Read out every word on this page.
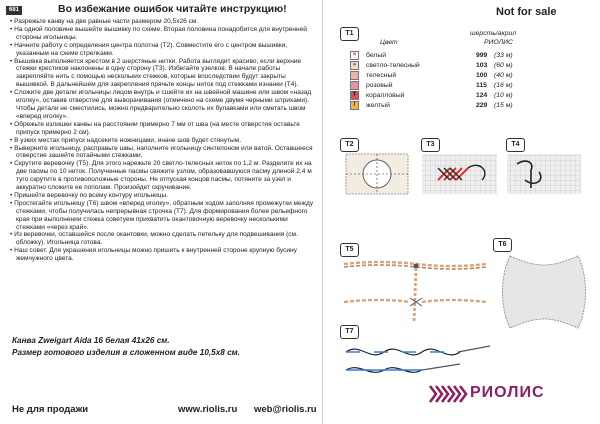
681	Во избежание ошибок читайте инструкцию!
• Разрежьте канву на две равные части размером 20,5х26 см.
• На одной половине вышейте вышивку по схеме. Вторая половина понадобится для внутренней стороны игольницы.
• Начните работу с определения центра полотна (Т2). Совместите его с центром вышивки, указанным на схеме стрелками.
• Вышивка выполняется крестом в 2 шерстяные нитки. Работа выглядит красиво, если верхние стежки крестиков наклонены в одну сторону (Т3). Избегайте узелков. В начале работы закрепляйте нить с помощью нескольких стежков, которые впоследствии будут закрыты вышивкой. В дальнейшем для закрепления прячьте концы ниток под стежками изнанки (Т4).
• Сложите две детали игольницы лицом внутрь и сшейте их на швейной машине или швом «назад иголку», оставив отверстие для выворачивания (отмечено на схеме двумя черными штрихами). Чтобы детали не сместились, можно предварительно сколоть их булавками или сметать швом «вперед иголку».
• Обрежьте излишки канвы на расстоянии примерно 7 мм от шва (на месте отверстия оставьте припуск примерно 2 см).
• В узких местах припуск надсеките ножницами, иначе шов будет стянутым.
• Выверните игольницу, расправьте швы, наполните игольницу синтепоном или ватой. Оставшееся отверстие зашейте потайными стежками.
• Скрутите веревочку (Т5). Для этого нарежьте 20 светло-телесных ниток по 1,2 м. Разделите их на две пасмы по 10 ниток. Полученные пасмы свяжите узлом, образовавшуюся пасму длиной 2,4 м туго скрутите в противоположные стороны. Не отпуская концов пасмы, потяните за узел и аккуратно сложите ее пополам. Произойдет скручивание.
• Пришейте веревочку по всему контуру игольницы.
• Простегайте игольницу (Т6) швом «вперед иголку», обратным ходом заполняя промежутки между стежками, чтобы получилась непрерывная строчка (Т7). Для формирования более рельефного края при выполнении стежка советуем прихватить окантовочную веревочку несколькими стежками «через край».
• Из веревочки, оставшейся после окантовки, можно сделать петельку для подвешивания (см. обложку). Игольница готова.
• Наш совет. Для украшения игольницы можно пришить к внутренней стороне крупную бусину жемчужного цвета.
Канва Zweigart Aida 16 белая 41х26 см.
Размер готового изделия в сложенном виде 10,5х8 см.
Не для продажи	www.riolis.ru web@riolis.ru
Not for sale
T1	шерсть/акрил
Цвет	РИОЛИС
×	белый	999	(33 м)
●	светло-телесный	103	(60 м)
	телесный	100	(40 м)
	розовый	115	(16 м)
T	коралловый	124	(10 м)
/	желтый	229	(15 м)
T2	T3	T4
T5
T6
T7
РИОЛИС
